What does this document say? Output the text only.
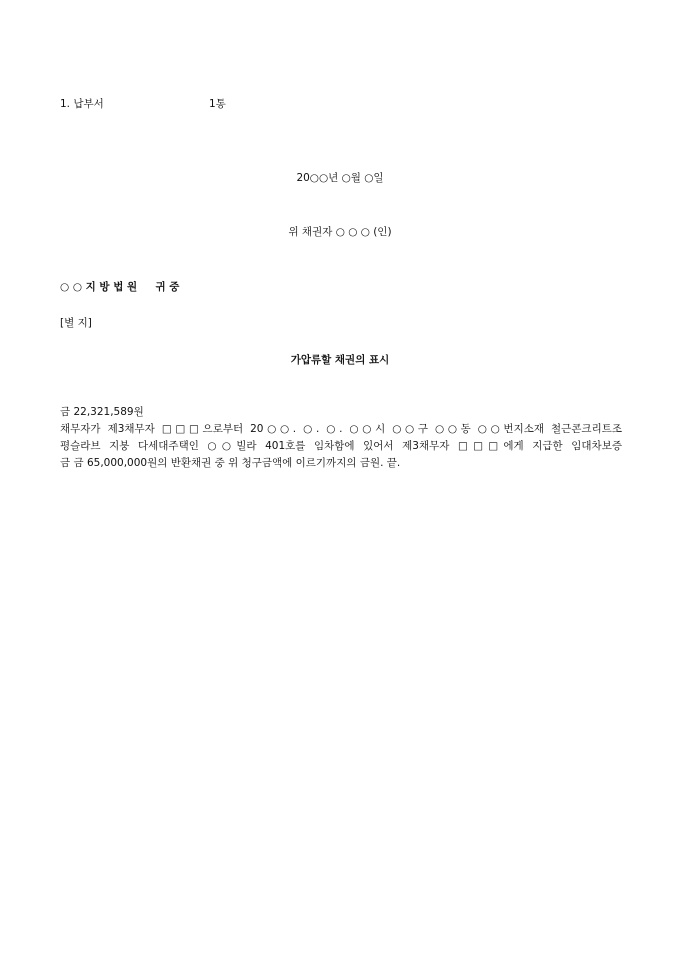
1. 납부서	1통
20○○년 ○월 ○일
위 채권자 ○ ○ ○ (인)
○ ○ 지 방 법 원     귀 중
[별 지]
가압류할 채권의 표시
금 22,321,589원
채무자가 제3채무자 □□□으로부터 20○○. ○. ○. ○○시 ○○구 ○○동 ○○번지소재 철근콘크리트조
평슬라브 지붕 다세대주택인 ○○빌라 401호를 임차함에 있어서 제3채무자 □□□에게 지급한 임대차보증
금 금 65,000,000원의 반환채권 중 위 청구금액에 이르기까지의 금원. 끝.
